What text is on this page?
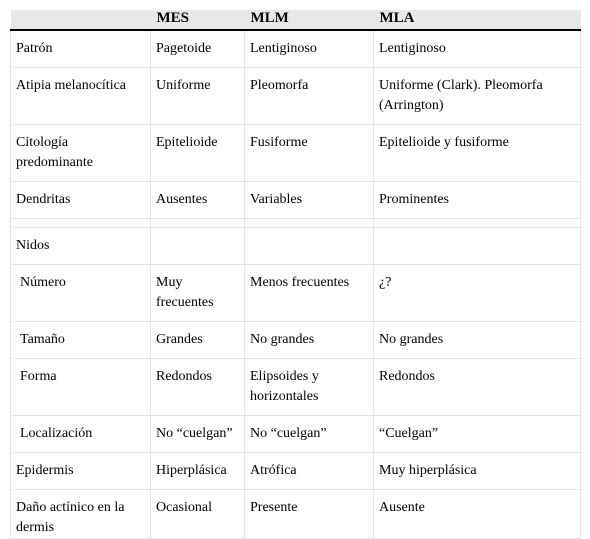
	MES	MLM	MLA
Patrón	Pagetoide	Lentiginoso	Lentiginoso
Atipia melanocítica	Uniforme	Pleomorfa	Uniforme (Clark). Pleomorfa (Arrington)
Citología predominante	Epitelioide	Fusiforme	Epitelioide y fusiforme
Dendritas	Ausentes	Variables	Prominentes

Nidos			
Número	Muy frecuentes	Menos frecuentes	¿?
Tamaño	Grandes	No grandes	No grandes
Forma	Redondos	Elipsoides y horizontales	Redondos
Localización	No “cuelgan”	No “cuelgan”	“Cuelgan”
Epidermis	Hiperplásica	Atrófica	Muy hiperplásica
Daño actínico en la dermis	Ocasional	Presente	Ausente
